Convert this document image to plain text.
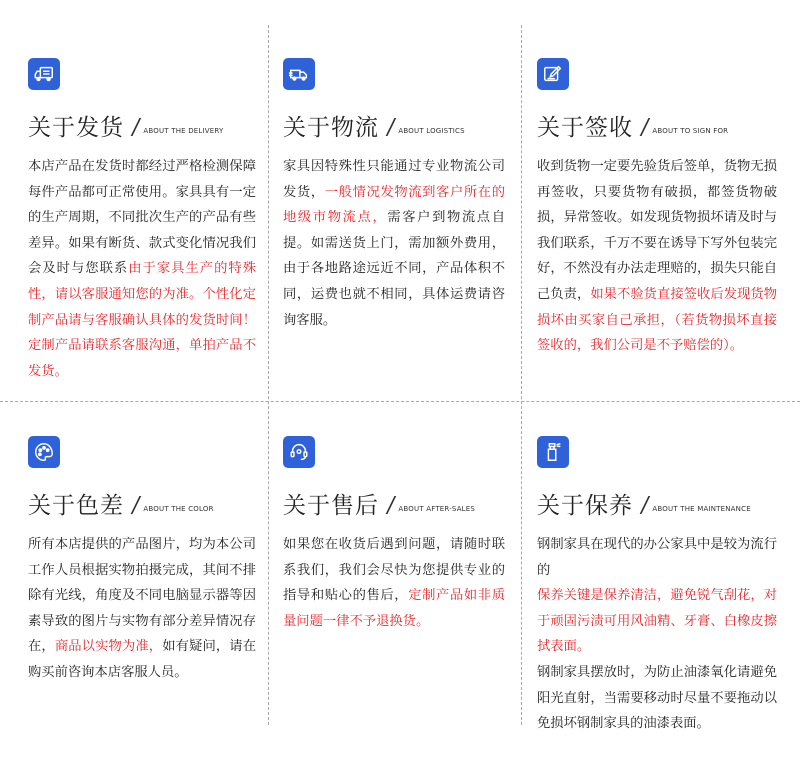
关于发货 / ABOUT THE DELIVERY
本店产品在发货时都经过严格检测保障每件产品都可正常使用。家具具有一定的生产周期，不同批次生产的产品有些差异。如果有断货、款式变化情况我们会及时与您联系由于家具生产的特殊性，请以客服通知您的为准。个性化定制产品请与客服确认具体的发货时间！定制产品请联系客服沟通，单拍产品不发货。
关于物流 / ABOUT LOGISTICS
家具因特殊性只能通过专业物流公司发货，一般情况发物流到客户所在的地级市物流点，需客户到物流点自提。如需送货上门，需加额外费用，由于各地路途远近不同，产品体积不同，运费也就不相同，具体运费请咨询客服。
关于签收 / ABOUT TO SIGN FOR
收到货物一定要先验货后签单，货物无损再签收，只要货物有破损，都签货物破损，异常签收。如发现货物损坏请及时与我们联系，千万不要在诱导下写外包装完好，不然没有办法走理赔的，损失只能自己负责，如果不验货直接签收后发现货物损坏由买家自己承担，（若货物损坏直接签收的，我们公司是不予赔偿的）。
关于色差 / ABOUT THE COLOR
所有本店提供的产品图片，均为本公司工作人员根据实物拍摄完成，其间不排除有光线，角度及不同电脑显示器等因素导致的图片与实物有部分差异情况存在，商品以实物为准，如有疑问，请在购买前咨询本店客服人员。
关于售后 / ABOUT AFTER-SALES
如果您在收货后遇到问题，请随时联系我们，我们会尽快为您提供专业的指导和贴心的售后，定制产品如非质量问题一律不予退换货。
关于保养 / ABOUT THE MAINTENANCE
钢制家具在现代的办公家具中是较为流行的
保养关键是保养清洁，避免锐气刮花，对于顽固污渍可用风油精、牙膏、白橡皮擦拭表面。
钢制家具摆放时，为防止油漆氧化请避免阳光直射，当需要移动时尽量不要拖动以免损坏钢制家具的油漆表面。
